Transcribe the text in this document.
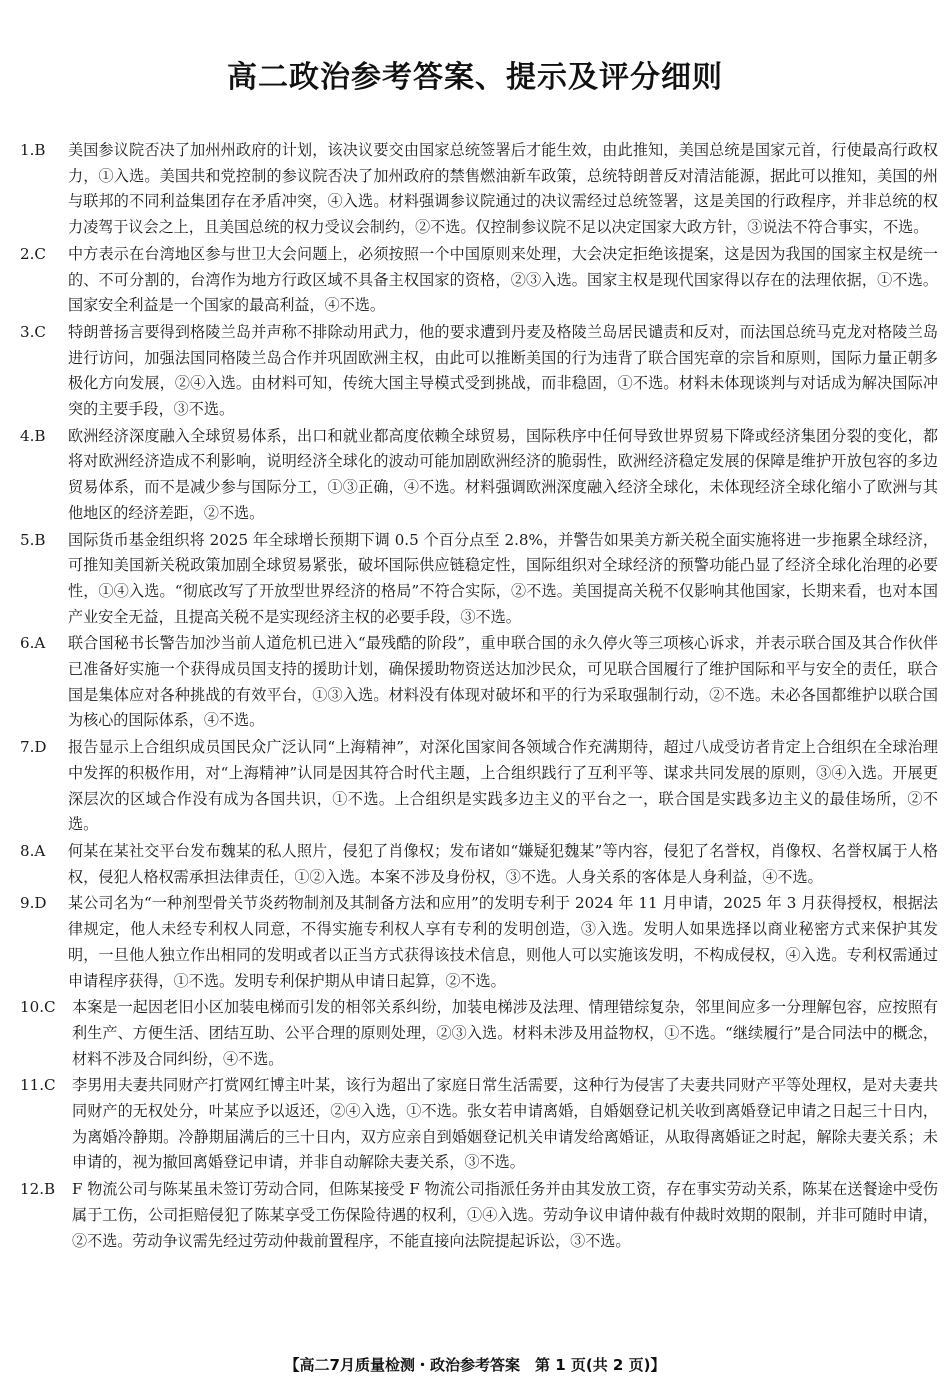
高二政治参考答案、提示及评分细则
1.B	美国参议院否决了加州州政府的计划，该决议要交由国家总统签署后才能生效，由此推知，美国总统是国家元首，行使最高行政权力，①入选。美国共和党控制的参议院否决了加州政府的禁售燃油新车政策，总统特朗普反对清洁能源，据此可以推知，美国的州与联邦的不同利益集团存在矛盾冲突，④入选。材料强调参议院通过的决议需经过总统签署，这是美国的行政程序，并非总统的权力凌驾于议会之上，且美国总统的权力受议会制约，②不选。仅控制参议院不足以决定国家大政方针，③说法不符合事实，不选。
2.C	中方表示在台湾地区参与世卫大会问题上，必须按照一个中国原则来处理，大会决定拒绝该提案，这是因为我国的国家主权是统一的、不可分割的，台湾作为地方行政区域不具备主权国家的资格，②③入选。国家主权是现代国家得以存在的法理依据，①不选。国家安全利益是一个国家的最高利益，④不选。
3.C	特朗普扬言要得到格陵兰岛并声称不排除动用武力，他的要求遭到丹麦及格陵兰岛居民谴责和反对，而法国总统马克龙对格陵兰岛进行访问，加强法国同格陵兰岛合作并巩固欧洲主权，由此可以推断美国的行为违背了联合国宪章的宗旨和原则，国际力量正朝多极化方向发展，②④入选。由材料可知，传统大国主导模式受到挑战，而非稳固，①不选。材料未体现谈判与对话成为解决国际冲突的主要手段，③不选。
4.B	欧洲经济深度融入全球贸易体系，出口和就业都高度依赖全球贸易，国际秩序中任何导致世界贸易下降或经济集团分裂的变化，都将对欧洲经济造成不利影响，说明经济全球化的波动可能加剧欧洲经济的脆弱性，欧洲经济稳定发展的保障是维护开放包容的多边贸易体系，而不是减少参与国际分工，①③正确，④不选。材料强调欧洲深度融入经济全球化，未体现经济全球化缩小了欧洲与其他地区的经济差距，②不选。
5.B	国际货币基金组织将 2025 年全球增长预期下调 0.5 个百分点至 2.8%，并警告如果美方新关税全面实施将进一步拖累全球经济，可推知美国新关税政策加剧全球贸易紧张，破坏国际供应链稳定性，国际组织对全球经济的预警功能凸显了经济全球化治理的必要性，①④入选。“彻底改写了开放型世界经济的格局”不符合实际，②不选。美国提高关税不仅影响其他国家，长期来看，也对本国产业安全无益，且提高关税不是实现经济主权的必要手段，③不选。
6.A	联合国秘书长警告加沙当前人道危机已进入“最残酷的阶段”，重申联合国的永久停火等三项核心诉求，并表示联合国及其合作伙伴已准备好实施一个获得成员国支持的援助计划，确保援助物资送达加沙民众，可见联合国履行了维护国际和平与安全的责任，联合国是集体应对各种挑战的有效平台，①③入选。材料没有体现对破坏和平的行为采取强制行动，②不选。未必各国都维护以联合国为核心的国际体系，④不选。
7.D	报告显示上合组织成员国民众广泛认同“上海精神”，对深化国家间各领域合作充满期待，超过八成受访者肯定上合组织在全球治理中发挥的积极作用，对“上海精神”认同是因其符合时代主题，上合组织践行了互利平等、谋求共同发展的原则，③④入选。开展更深层次的区域合作没有成为各国共识，①不选。上合组织是实践多边主义的平台之一，联合国是实践多边主义的最佳场所，②不选。
8.A	何某在某社交平台发布魏某的私人照片，侵犯了肖像权；发布诸如“嫌疑犯魏某”等内容，侵犯了名誉权，肖像权、名誉权属于人格权，侵犯人格权需承担法律责任，①②入选。本案不涉及身份权，③不选。人身关系的客体是人身利益，④不选。
9.D	某公司名为“一种剂型骨关节炎药物制剂及其制备方法和应用”的发明专利于 2024 年 11 月申请，2025 年 3 月获得授权，根据法律规定，他人未经专利权人同意，不得实施专利权人享有专利的发明创造，③入选。发明人如果选择以商业秘密方式来保护其发明，一旦他人独立作出相同的发明或者以正当方式获得该技术信息，则他人可以实施该发明，不构成侵权，④入选。专利权需通过申请程序获得，①不选。发明专利保护期从申请日起算，②不选。
10.C	本案是一起因老旧小区加装电梯而引发的相邻关系纠纷，加装电梯涉及法理、情理错综复杂，邻里间应多一分理解包容，应按照有利生产、方便生活、团结互助、公平合理的原则处理，②③入选。材料未涉及用益物权，①不选。“继续履行”是合同法中的概念，材料不涉及合同纠纷，④不选。
11.C	李男用夫妻共同财产打赏网红博主叶某，该行为超出了家庭日常生活需要，这种行为侵害了夫妻共同财产平等处理权，是对夫妻共同财产的无权处分，叶某应予以返还，②④入选，①不选。张女若申请离婚，自婚姻登记机关收到离婚登记申请之日起三十日内，为离婚冷静期。冷静期届满后的三十日内，双方应亲自到婚姻登记机关申请发给离婚证，从取得离婚证之时起，解除夫妻关系；未申请的，视为撤回离婚登记申请，并非自动解除夫妻关系，③不选。
12.B	F 物流公司与陈某虽未签订劳动合同，但陈某接受 F 物流公司指派任务并由其发放工资，存在事实劳动关系，陈某在送餐途中受伤属于工伤，公司拒赔侵犯了陈某享受工伤保险待遇的权利，①④入选。劳动争议申请仲裁有仲裁时效期的限制，并非可随时申请，②不选。劳动争议需先经过劳动仲裁前置程序，不能直接向法院提起诉讼，③不选。
【高二7月质量检测・政治参考答案　第 1 页(共 2 页)】
